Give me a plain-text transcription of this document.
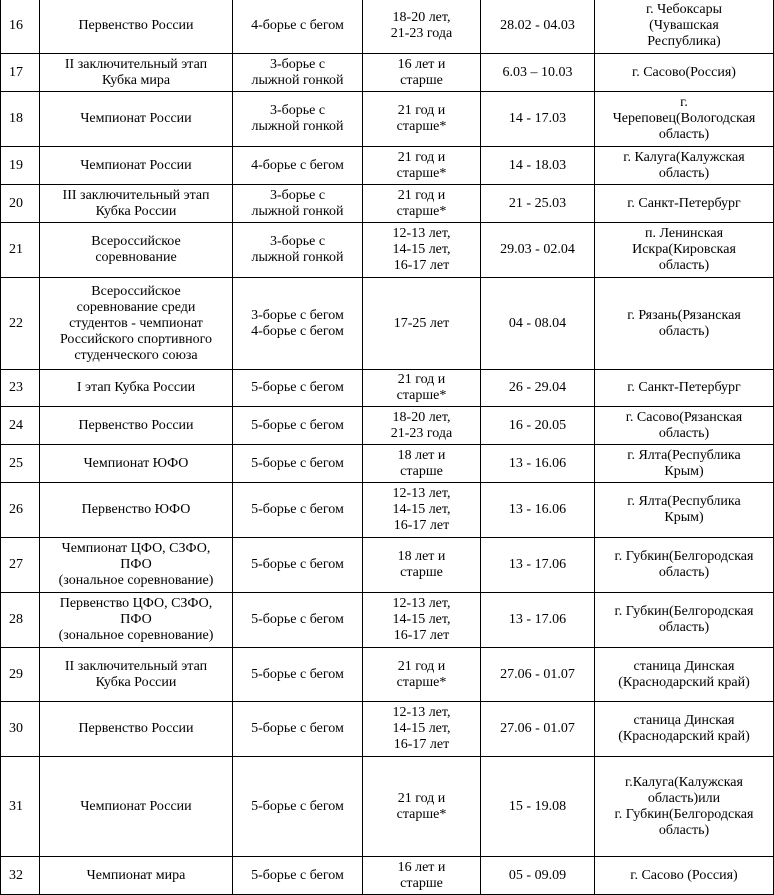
16	Первенство России	4-борье с бегом	18-20 лет,
21-23 года	28.02 - 04.03	г. Чебоксары
(Чувашская
Республика)
17	II заключительный этап
Кубка мира	3-борье с
лыжной гонкой	16 лет и
старше	6.03 – 10.03	г. Сасово(Россия)
18	Чемпионат России	3-борье с
лыжной гонкой	21 год и
старше*	14 - 17.03	г.
Череповец(Вологодская
область)
19	Чемпионат России	4-борье с бегом	21 год и
старше*	14 - 18.03	г. Калуга(Калужская
область)
20	III заключительный этап
Кубка России	3-борье с
лыжной гонкой	21 год и
старше*	21 - 25.03	г. Санкт-Петербург
21	Всероссийское
соревнование	3-борье с
лыжной гонкой	12-13 лет,
14-15 лет,
16-17 лет	29.03 - 02.04	п. Ленинская
Искра(Кировская
область)
22	Всероссийское
соревнование среди
студентов - чемпионат
Российского спортивного
студенческого союза	3-борье с бегом
4-борье с бегом	17-25 лет	04 - 08.04	г. Рязань(Рязанская
область)
23	I этап Кубка России	5-борье с бегом	21 год и
старше*	26 - 29.04	г. Санкт-Петербург
24	Первенство России	5-борье с бегом	18-20 лет,
21-23 года	16 - 20.05	г. Сасово(Рязанская
область)
25	Чемпионат ЮФО	5-борье с бегом	18 лет и
старше	13 - 16.06	г. Ялта(Республика
Крым)
26	Первенство ЮФО	5-борье с бегом	12-13 лет,
14-15 лет,
16-17 лет	13 - 16.06	г. Ялта(Республика
Крым)
27	Чемпионат ЦФО, СЗФО,
ПФО
(зональное соревнование)	5-борье с бегом	18 лет и
старше	13 - 17.06	г. Губкин(Белгородская
область)
28	Первенство ЦФО, СЗФО,
ПФО
(зональное соревнование)	5-борье с бегом	12-13 лет,
14-15 лет,
16-17 лет	13 - 17.06	г. Губкин(Белгородская
область)
29	II заключительный этап
Кубка России	5-борье с бегом	21 год и
старше*	27.06 - 01.07	станица Динская
(Краснодарский край)
30	Первенство России	5-борье с бегом	12-13 лет,
14-15 лет,
16-17 лет	27.06 - 01.07	станица Динская
(Краснодарский край)
31	Чемпионат России	5-борье с бегом	21 год и
старше*	15 - 19.08	г.Калуга(Калужская
область)или
г. Губкин(Белгородская
область)
32	Чемпионат мира	5-борье с бегом	16 лет и
старше	05 - 09.09	г. Сасово (Россия)
